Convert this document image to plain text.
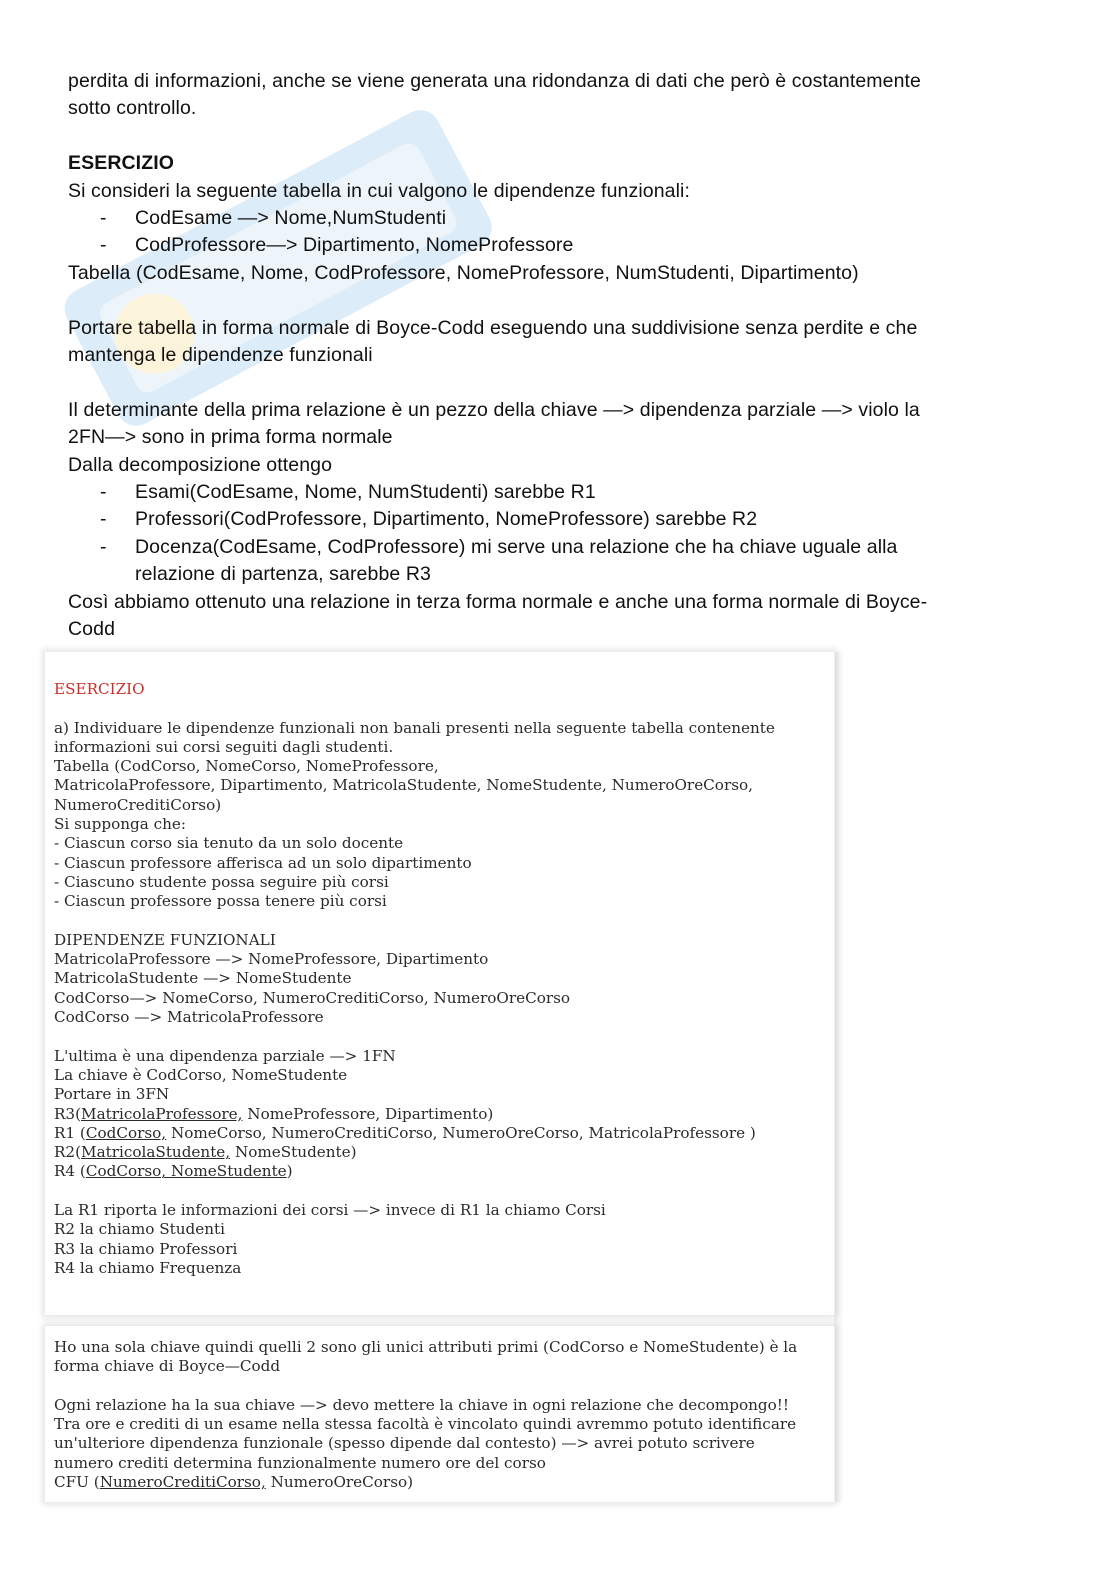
perdita di informazioni, anche se viene generata una ridondanza di dati che però è costantemente

sotto controllo.

ESERCIZIO

Si consideri la seguente tabella in cui valgono le dipendenze funzionali:

- CodEsame —> Nome,NumStudenti
- CodProfessore—> Dipartimento, NomeProfessore

Tabella (CodEsame, Nome, CodProfessore, NomeProfessore, NumStudenti, Dipartimento)

Portare tabella in forma normale di Boyce-Codd eseguendo una suddivisione senza perdite e che

mantenga le dipendenze funzionali

Il determinante della prima relazione è un pezzo della chiave —> dipendenza parziale —> violo la

2FN—> sono in prima forma normale

Dalla decomposizione ottengo

- Esami(CodEsame, Nome, NumStudenti) sarebbe R1
- Professori(CodProfessore, Dipartimento, NomeProfessore) sarebbe R2
- Docenza(CodEsame, CodProfessore) mi serve una relazione che ha chiave uguale alla
relazione di partenza, sarebbe R3

Così abbiamo ottenuto una relazione in terza forma normale e anche una forma normale di Boyce-

Codd

ESERCIZIO

a) Individuare le dipendenze funzionali non banali presenti nella seguente tabella contenente

informazioni sui corsi seguiti dagli studenti.

Tabella (CodCorso, NomeCorso, NomeProfessore,

MatricolaProfessore, Dipartimento, MatricolaStudente, NomeStudente, NumeroOreCorso,

NumeroCreditiCorso)

Si supponga che:

- Ciascun corso sia tenuto da un solo docente

- Ciascun professore afferisca ad un solo dipartimento

- Ciascuno studente possa seguire più corsi

- Ciascun professore possa tenere più corsi

DIPENDENZE FUNZIONALI

MatricolaProfessore —> NomeProfessore, Dipartimento

MatricolaStudente —> NomeStudente

CodCorso—> NomeCorso, NumeroCreditiCorso, NumeroOreCorso

CodCorso —> MatricolaProfessore

L'ultima è una dipendenza parziale —> 1FN

La chiave è CodCorso, NomeStudente

Portare in 3FN

R3(MatricolaProfessore, NomeProfessore, Dipartimento)

R1 (CodCorso, NomeCorso, NumeroCreditiCorso, NumeroOreCorso, MatricolaProfessore )

R2(MatricolaStudente, NomeStudente)

R4 (CodCorso, NomeStudente)

La R1 riporta le informazioni dei corsi —> invece di R1 la chiamo Corsi

R2 la chiamo Studenti

R3 la chiamo Professori

R4 la chiamo Frequenza

Ho una sola chiave quindi quelli 2 sono gli unici attributi primi (CodCorso e NomeStudente) è la

forma chiave di Boyce—Codd

Ogni relazione ha la sua chiave —> devo mettere la chiave in ogni relazione che decompongo!!

Tra ore e crediti di un esame nella stessa facoltà è vincolato quindi avremmo potuto identificare

un'ulteriore dipendenza funzionale (spesso dipende dal contesto) —> avrei potuto scrivere

numero crediti determina funzionalmente numero ore del corso

CFU (NumeroCreditiCorso, NumeroOreCorso)
